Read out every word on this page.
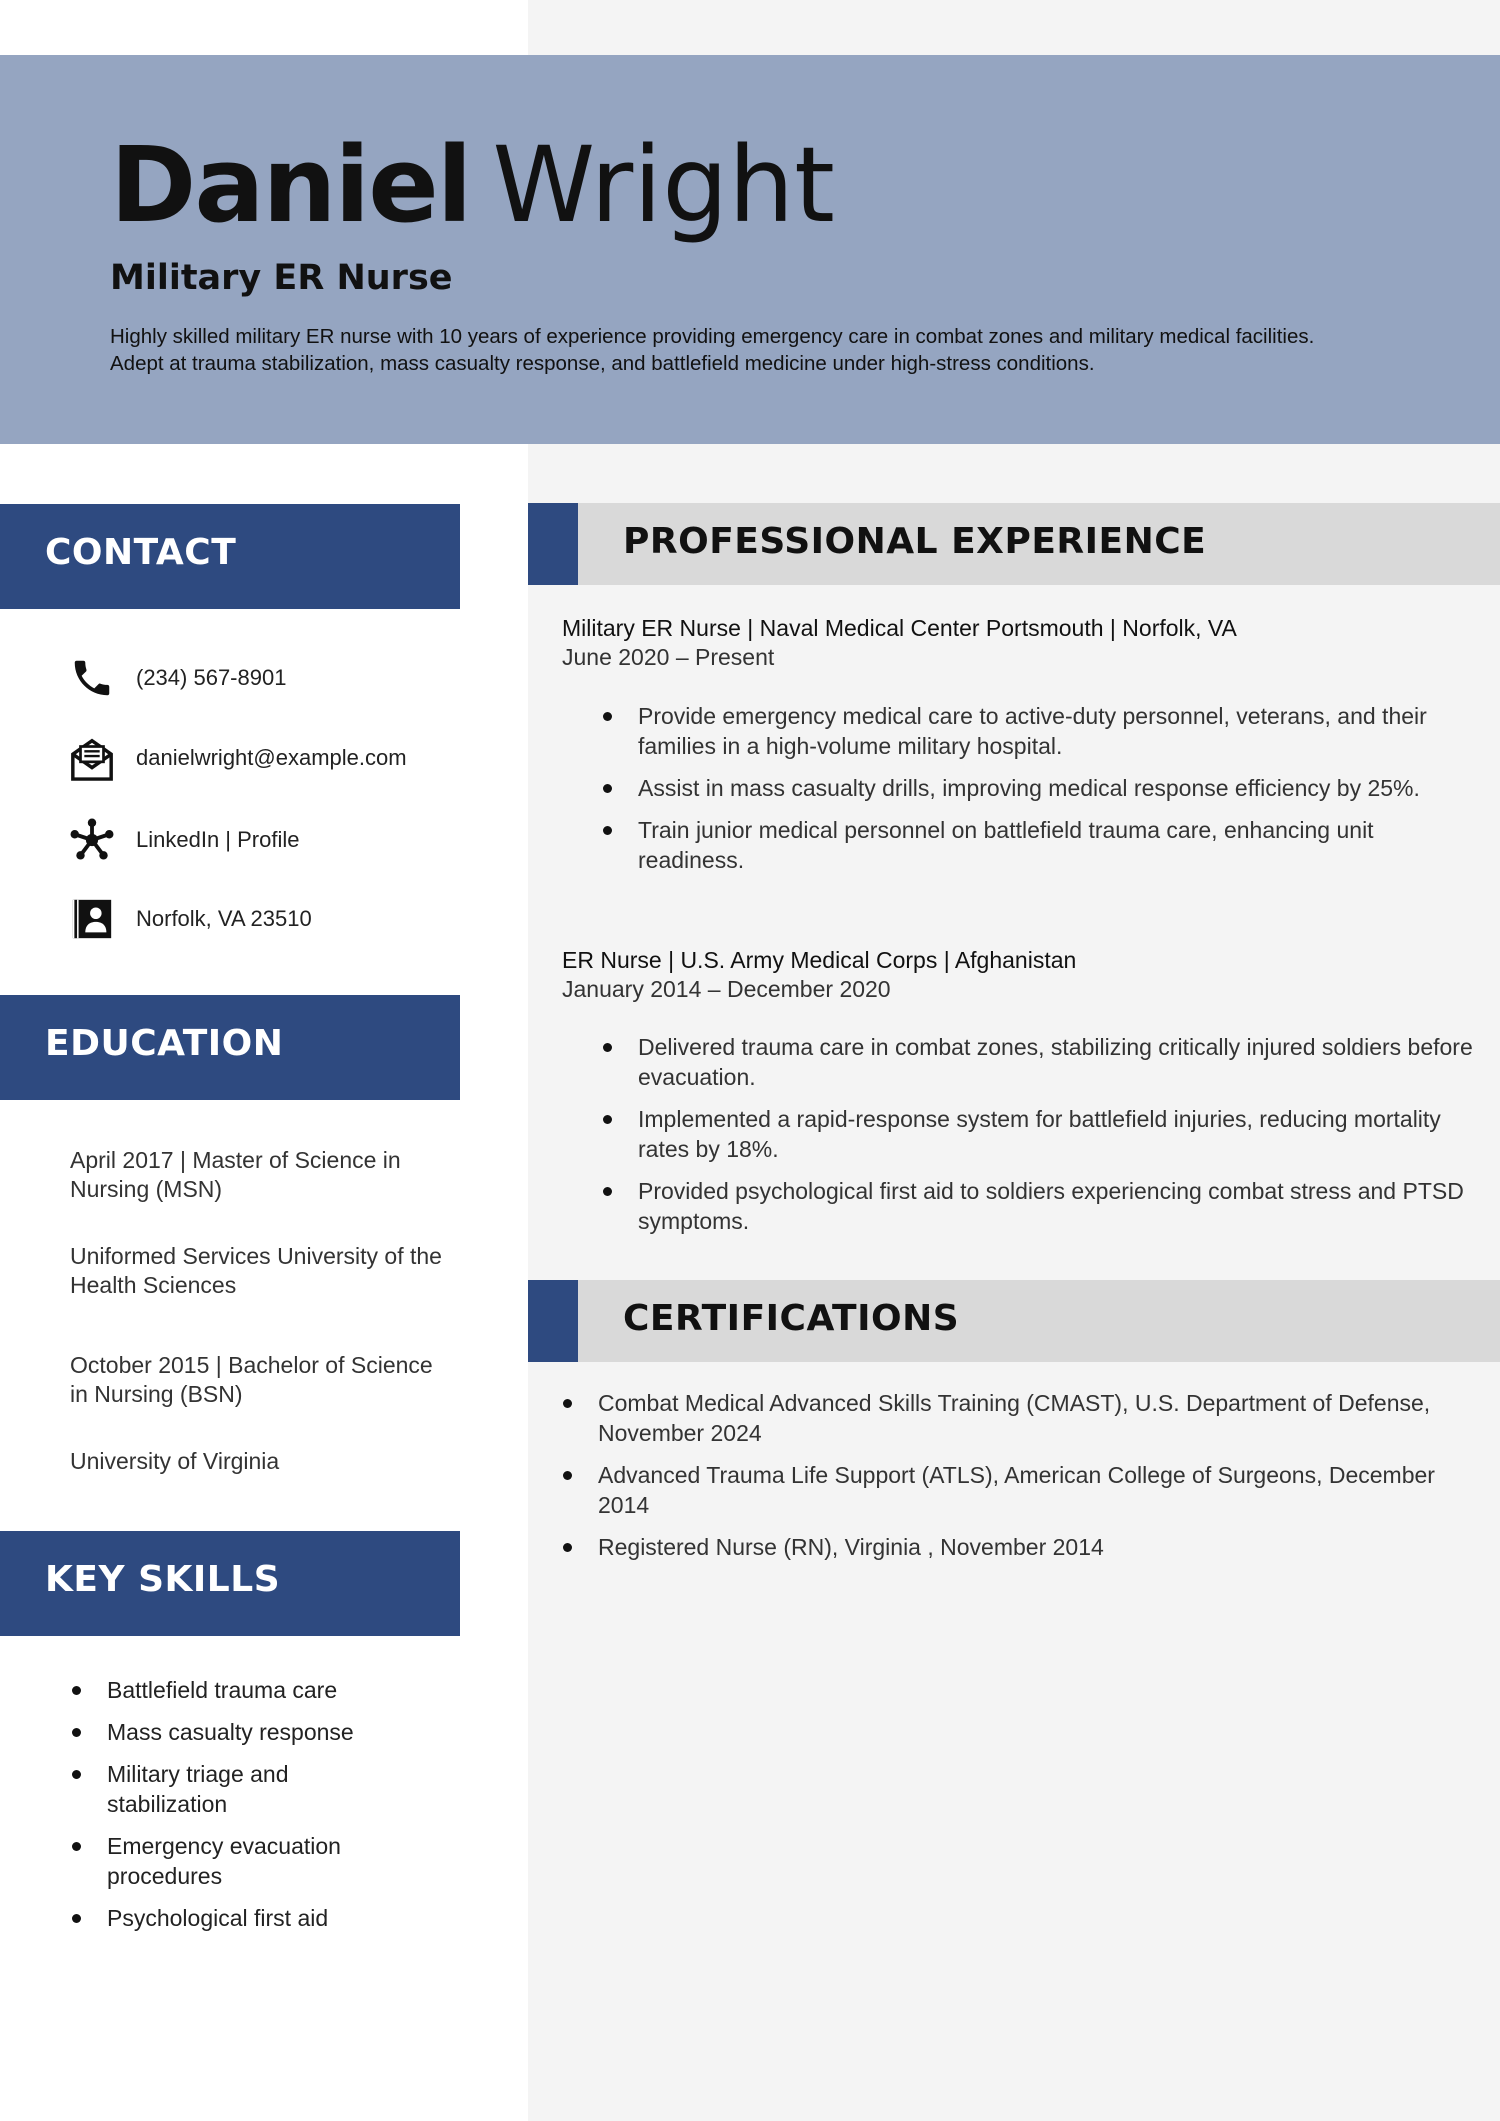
Daniel Wright
Military ER Nurse
Highly skilled military ER nurse with 10 years of experience providing emergency care in combat zones and military medical facilities. Adept at trauma stabilization, mass casualty response, and battlefield medicine under high-stress conditions.
CONTACT
(234) 567-8901
danielwright@example.com
LinkedIn | Profile
Norfolk, VA 23510
EDUCATION
April 2017 | Master of Science in Nursing (MSN)
Uniformed Services University of the Health Sciences
October 2015 | Bachelor of Science in Nursing (BSN)
University of Virginia
KEY SKILLS
Battlefield trauma care
Mass casualty response
Military triage and stabilization
Emergency evacuation procedures
Psychological first aid
PROFESSIONAL EXPERIENCE
Military ER Nurse | Naval Medical Center Portsmouth | Norfolk, VA
June 2020 – Present
Provide emergency medical care to active-duty personnel, veterans, and their families in a high-volume military hospital.
Assist in mass casualty drills, improving medical response efficiency by 25%.
Train junior medical personnel on battlefield trauma care, enhancing unit readiness.
ER Nurse | U.S. Army Medical Corps | Afghanistan
January 2014 – December 2020
Delivered trauma care in combat zones, stabilizing critically injured soldiers before evacuation.
Implemented a rapid-response system for battlefield injuries, reducing mortality rates by 18%.
Provided psychological first aid to soldiers experiencing combat stress and PTSD symptoms.
CERTIFICATIONS
Combat Medical Advanced Skills Training (CMAST), U.S. Department of Defense, November 2024
Advanced Trauma Life Support (ATLS), American College of Surgeons, December 2014
Registered Nurse (RN), Virginia , November 2014
